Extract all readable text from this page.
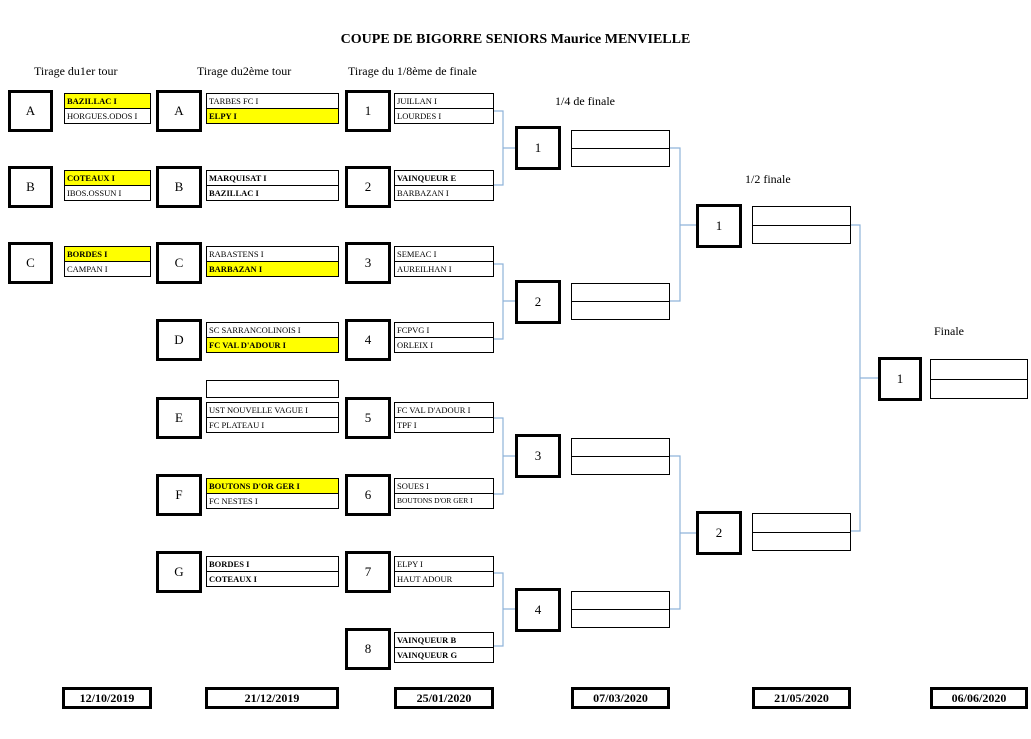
COUPE DE BIGORRE SENIORS Maurice MENVIELLE
Tirage du1er tour	Tirage du2ème tour	Tirage du 1/8ème de finale
1/4 de finale
1/2 finale
Finale
A
BAZILLAC I
HORGUES.ODOS I
B
COTEAUX I
IBOS.OSSUN I
C
BORDES I
CAMPAN I
A
TARBES FC I
ELPY I
B
MARQUISAT I
BAZILLAC I
C
RABASTENS I
BARBAZAN I
D
SC SARRANCOLINOIS I
FC VAL D'ADOUR I
E	UST NOUVELLE VAGUE I
FC PLATEAU I
F
BOUTONS D'OR GER I
FC NESTES I
G	BORDES I
COTEAUX I
1
JUILLAN I
LOURDES I
2
VAINQUEUR E
BARBAZAN I
3
SEMEAC I
AUREILHAN I
4
FCPVG I
ORLEIX I
5	FC VAL D'ADOUR I
TPF I
6
SOUES I
BOUTONS D'OR GER I
7	ELPY I
HAUT ADOUR
8
VAINQUEUR B
VAINQUEUR G
1
2
3
4
1
2
1
12/10/2019	21/12/2019	25/01/2020	07/03/2020	21/05/2020	06/06/2020
